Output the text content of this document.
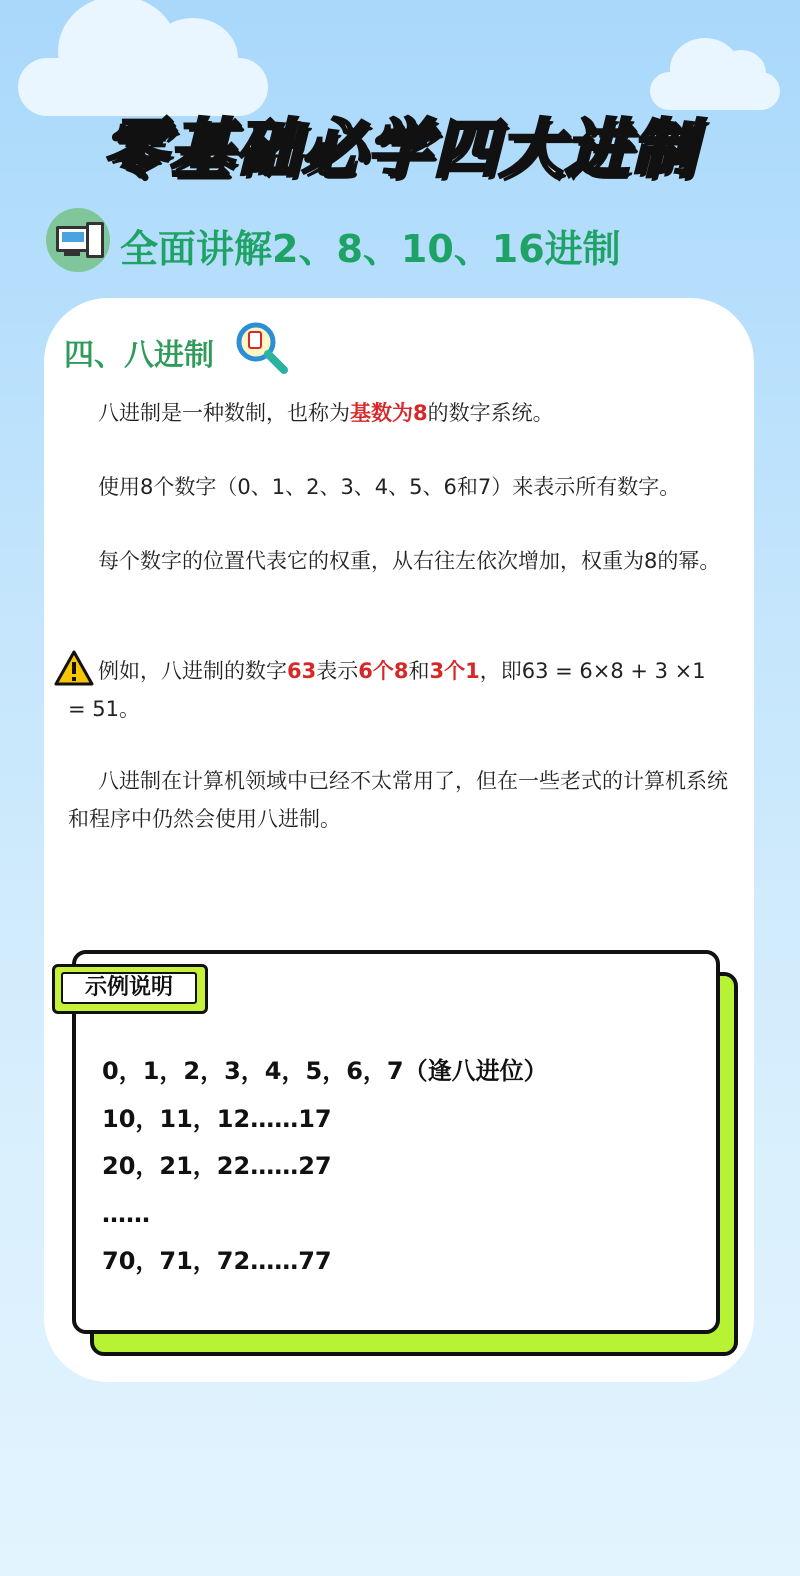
零基础必学四大进制
全面讲解2、8、10、16进制
四、八进制

八进制是一种数制，也称为基数为8的数字系统。

使用8个数字（0、1、2、3、4、5、6和7）来表示所有数字。

每个数字的位置代表它的权重，从右往左依次增加，权重为8的幂。

例如，八进制的数字63表示6个8和3个1，即63 = 6×8 + 3 ×1 = 51。

八进制在计算机领域中已经不太常用了，但在一些老式的计算机系统和程序中仍然会使用八进制。

示例说明
0，1，2，3，4，5，6，7（逢八进位）
10，11，12……17
20，21，22……27
……
70，71，72……77
